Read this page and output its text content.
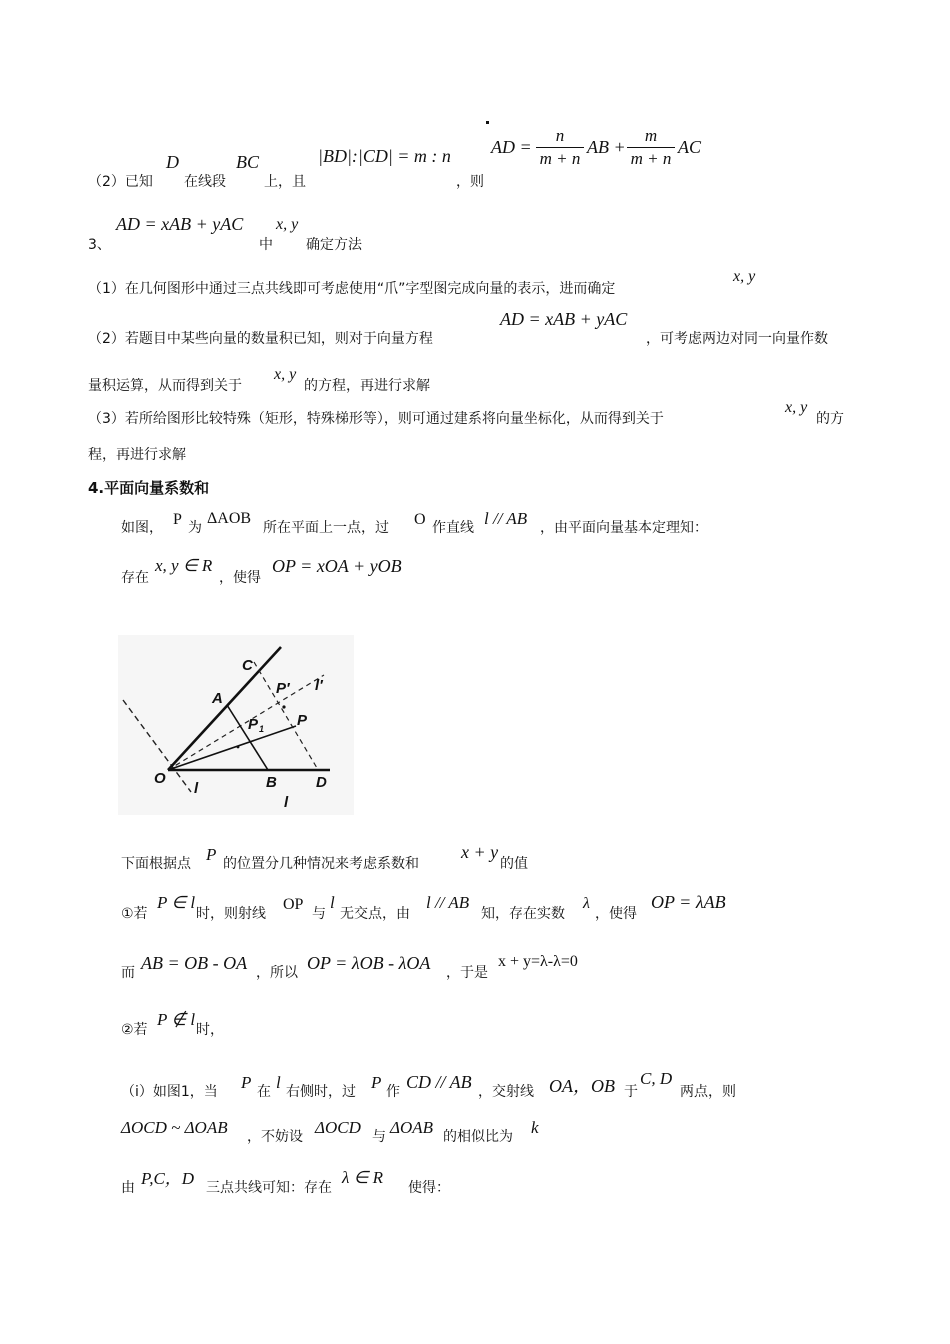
（2）已知
D
在线段
BC
上，且
|BD|:|CD| = m : n
，则
AD = $\frac{n}{m + n}$ AB + $\frac{m}{m + n}$ AC
3、
AD = xAB + yAC
中
x, y
确定方法
（1）在几何图形中通过三点共线即可考虑使用“爪”字型图完成向量的表示，进而确定
x, y
（2）若题目中某些向量的数量积已知，则对于向量方程
AD = xAB + yAC
，可考虑两边对同一向量作数
量积运算，从而得到关于
x, y
的方程，再进行求解
（3）若所给图形比较特殊（矩形，特殊梯形等），则可通过建系将向量坐标化，从而得到关于
x, y
的方
程，再进行求解
4.平面向量系数和
如图， P 为
ΔAOB
所在平面上一点，过 O 作直线 l // AB ，由平面向量基本定理知：
存在
x, y ∈ R
，使得
OP = xOA + yOB
C
A
P′ l′
P 1 P
O
l	B	D
l
下面根据点 P 的位置分几种情况来考虑系数和
x + y
的值
①若
P ∈ l
时，则射线
OP
与
l
无交点，由
l // AB
知，存在实数
λ
，使得
OP = λAB
而 AB = OB - OA ，所以 OP = λOB - λOA ，于是
x + y=λ-λ=0
②若
P ∉ l
时，
（i）如图1，当 P 在 l 右侧时，过 P 作 CD // AB ，交射线 OA，OB 于
C, D
两点，则
ΔOCD ~ ΔOAB ，不妨设 ΔOCD 与 ΔOAB 的相似比为 k
由 P,C，D 三点共线可知：存在
λ ∈ R
使得：
